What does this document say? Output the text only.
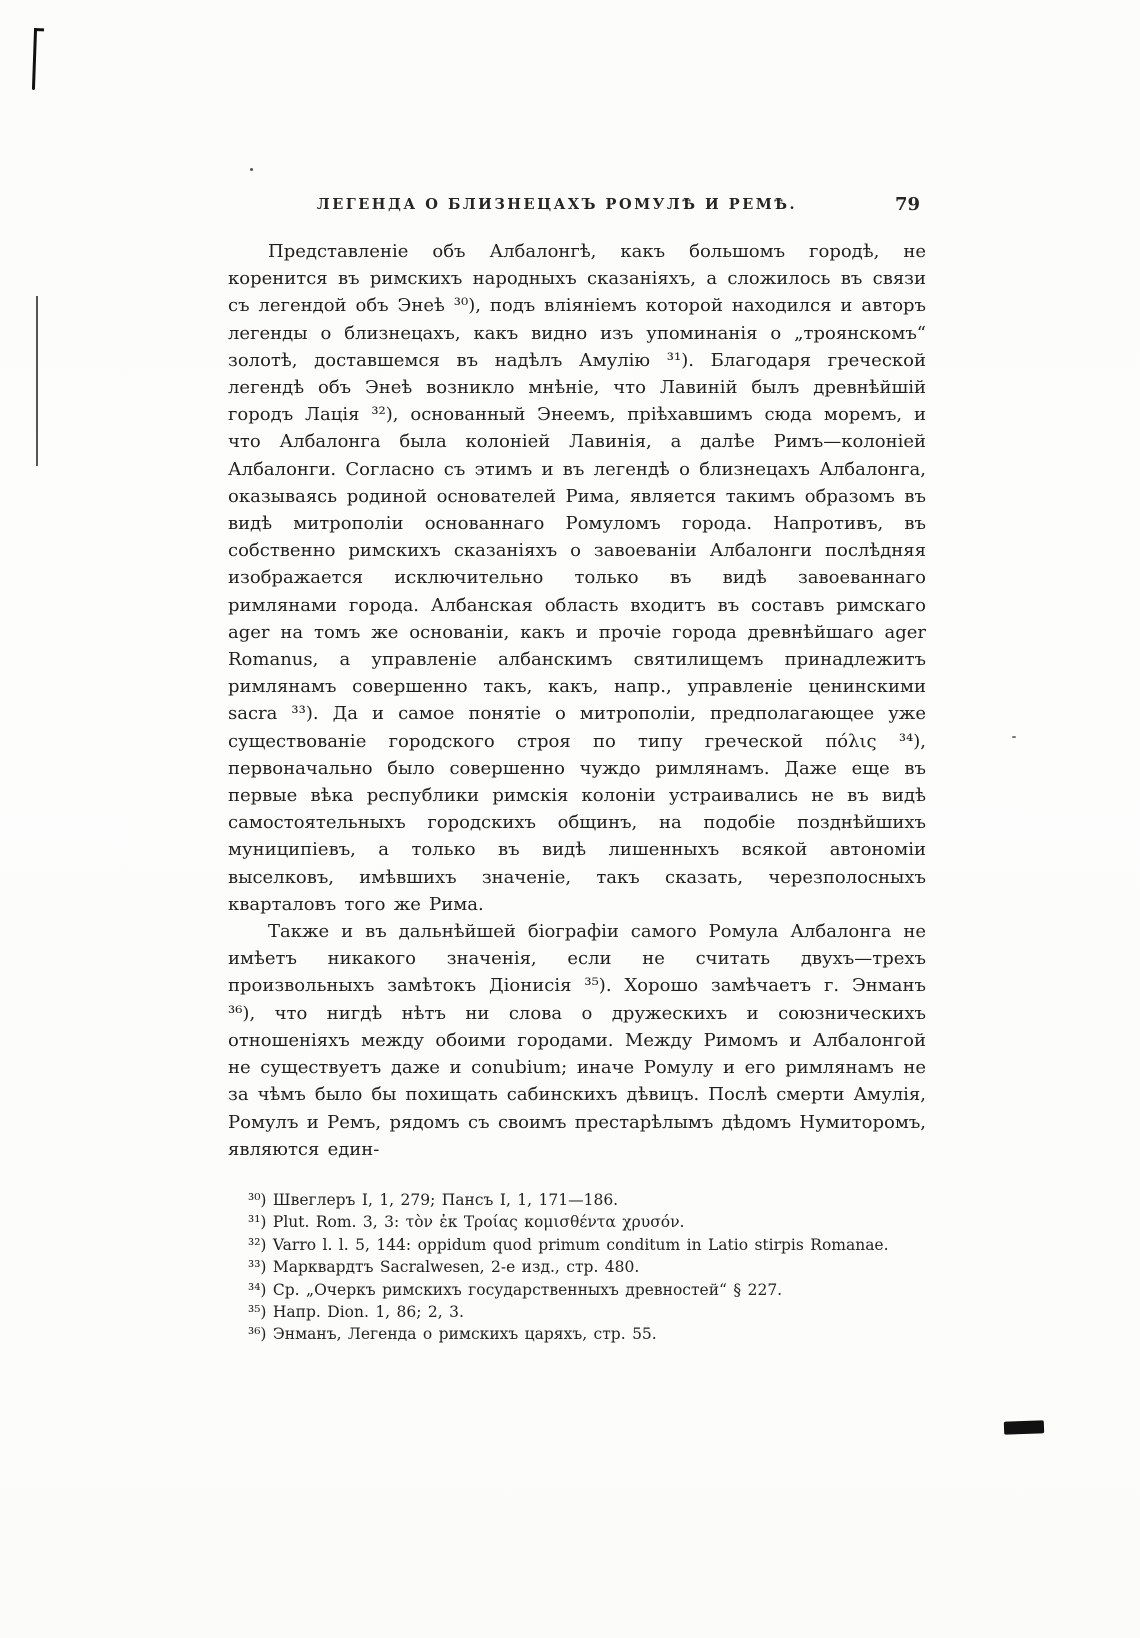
ЛЕГЕНДА О БЛИЗНЕЦАХЪ РОМУЛѢ И РЕМѢ.	79

Представленіе объ Албалонгѣ, какъ большомъ городѣ, не коренится въ римскихъ народныхъ сказаніяхъ, а сложилось въ связи съ легендой объ Энеѣ ³⁰), подъ вліяніемъ которой находился и авторъ легенды о близнецахъ, какъ видно изъ упоминанія о „троянскомъ“ золотѣ, доставшемся въ надѣлъ Амулію ³¹). Благодаря греческой легендѣ объ Энеѣ возникло мнѣніе, что Лавиній былъ древнѣйшій городъ Лація ³²), основанный Энеемъ, пріѣхавшимъ сюда моремъ, и что Албалонга была колоніей Лавинія, а далѣе Римъ—колоніей Албалонги. Согласно съ этимъ и въ легендѣ о близнецахъ Албалонга, оказываясь родиной основателей Рима, является такимъ образомъ въ видѣ митрополіи основаннаго Ромуломъ города. Напротивъ, въ собственно римскихъ сказаніяхъ о завоеваніи Албалонги послѣдняя изображается исключительно только въ видѣ завоеваннаго римлянами города. Албанская область входитъ въ составъ римскаго ager на томъ же основаніи, какъ и прочіе города древнѣйшаго ager Romanus, а управленіе албанскимъ святилищемъ принадлежитъ римлянамъ совершенно такъ, какъ, напр., управленіе ценинскими sacra ³³). Да и самое понятіе о митрополіи, предполагающее уже существованіе городского строя по типу греческой πόλις ³⁴), первоначально было совершенно чуждо римлянамъ. Даже еще въ первые вѣка республики римскія колоніи устраивались не въ видѣ самостоятельныхъ городскихъ общинъ, на подобіе позднѣйшихъ муниципіевъ, а только въ видѣ лишенныхъ всякой автономіи выселковъ, имѣвшихъ значеніе, такъ сказать, черезполосныхъ кварталовъ того же Рима.

Также и въ дальнѣйшей біографіи самого Ромула Албалонга не имѣетъ никакого значенія, если не считать двухъ—трехъ произвольныхъ замѣтокъ Діонисія ³⁵). Хорошо замѣчаетъ г. Энманъ ³⁶), что нигдѣ нѣтъ ни слова о дружескихъ и союзническихъ отношеніяхъ между обоими городами. Между Римомъ и Албалонгой не существуетъ даже и conubium; иначе Ромулу и его римлянамъ не за чѣмъ было бы похищать сабинскихъ дѣвицъ. Послѣ смерти Амулія, Ромулъ и Ремъ, рядомъ съ своимъ престарѣлымъ дѣдомъ Нумиторомъ, являются един-

³⁰) Швеглеръ I, 1, 279; Пансъ I, 1, 171—186.

³¹) Plut. Rom. 3, 3: τὸν ἐκ Τροίας κομισθέντα χρυσόν.

³²) Varro l. l. 5, 144: oppidum quod primum conditum in Latio stirpis Romanae.

³³) Марквардтъ Sacralwesen, 2-е изд., стр. 480.

³⁴) Ср. „Очеркъ римскихъ государственныхъ древностей“ § 227.

³⁵) Напр. Dion. 1, 86; 2, 3.

³⁶) Энманъ, Легенда о римскихъ царяхъ, стр. 55.
